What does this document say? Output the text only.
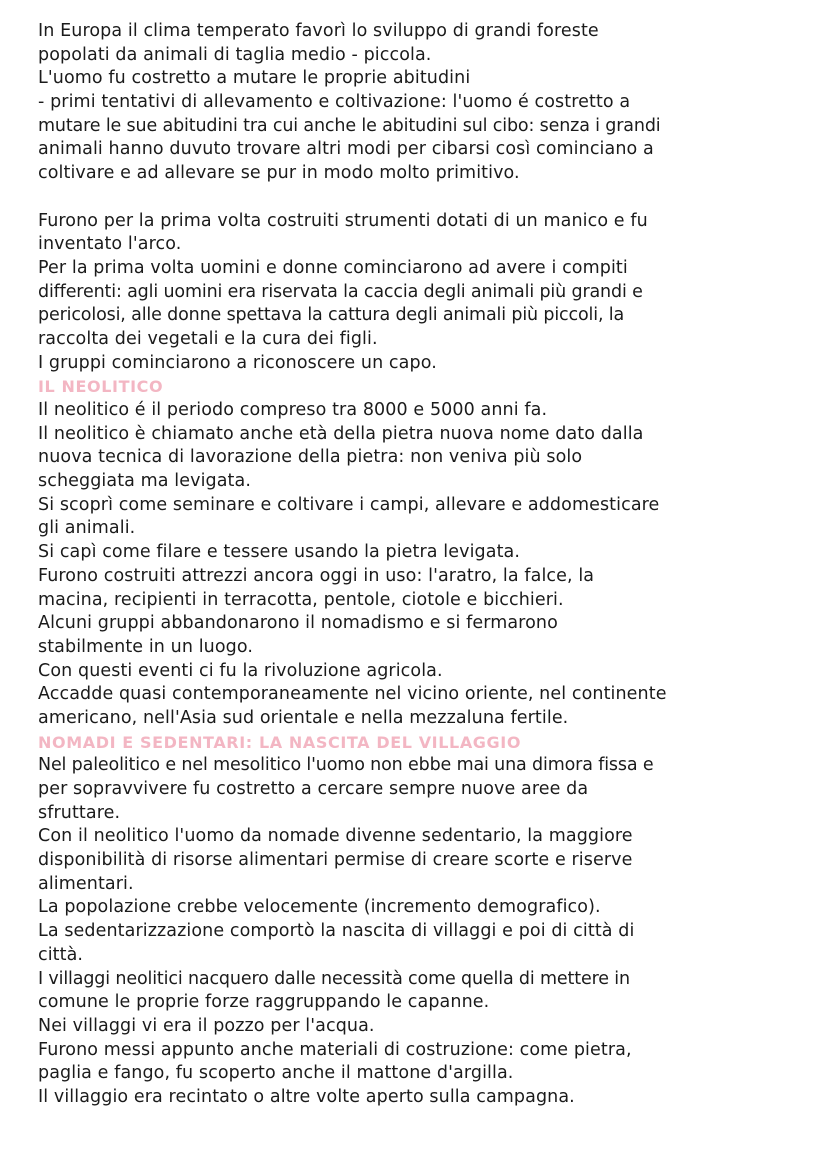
In Europa il clima temperato favorì lo sviluppo di grandi foreste
popolati da animali di taglia medio - piccola.
L'uomo fu costretto a mutare le proprie abitudini
- primi tentativi di allevamento e coltivazione: l'uomo é costretto a
mutare le sue abitudini tra cui anche le abitudini sul cibo: senza i grandi
animali hanno duvuto trovare altri modi per cibarsi così cominciano a
coltivare e ad allevare se pur in modo molto primitivo.
Furono per la prima volta costruiti strumenti dotati di un manico e fu
inventato l'arco.
Per la prima volta uomini e donne cominciarono ad avere i compiti
differenti: agli uomini era riservata la caccia degli animali più grandi e
pericolosi, alle donne spettava la cattura degli animali più piccoli, la
raccolta dei vegetali e la cura dei figli.
I gruppi cominciarono a riconoscere un capo.
IL NEOLITICO
Il neolitico é il periodo compreso tra 8000 e 5000 anni fa.
Il neolitico è chiamato anche età della pietra nuova nome dato dalla
nuova tecnica di lavorazione della pietra: non veniva più solo
scheggiata ma levigata.
Si scoprì come seminare e coltivare i campi, allevare e addomesticare
gli animali.
Si capì come filare e tessere usando la pietra levigata.
Furono costruiti attrezzi ancora oggi in uso: l'aratro, la falce, la
macina, recipienti in terracotta, pentole, ciotole e bicchieri.
Alcuni gruppi abbandonarono il nomadismo e si fermarono
stabilmente in un luogo.
Con questi eventi ci fu la rivoluzione agricola.
Accadde quasi contemporaneamente nel vicino oriente, nel continente
americano, nell'Asia sud orientale e nella mezzaluna fertile.
NOMADI E SEDENTARI: LA NASCITA DEL VILLAGGIO
Nel paleolitico e nel mesolitico l'uomo non ebbe mai una dimora fissa e
per sopravvivere fu costretto a cercare sempre nuove aree da
sfruttare.
Con il neolitico l'uomo da nomade divenne sedentario, la maggiore
disponibilità di risorse alimentari permise di creare scorte e riserve
alimentari.
La popolazione crebbe velocemente (incremento demografico).
La sedentarizzazione comportò la nascita di villaggi e poi di città di
città.
I villaggi neolitici nacquero dalle necessità come quella di mettere in
comune le proprie forze raggruppando le capanne.
Nei villaggi vi era il pozzo per l'acqua.
Furono messi appunto anche materiali di costruzione: come pietra,
paglia e fango, fu scoperto anche il mattone d'argilla.
Il villaggio era recintato o altre volte aperto sulla campagna.
